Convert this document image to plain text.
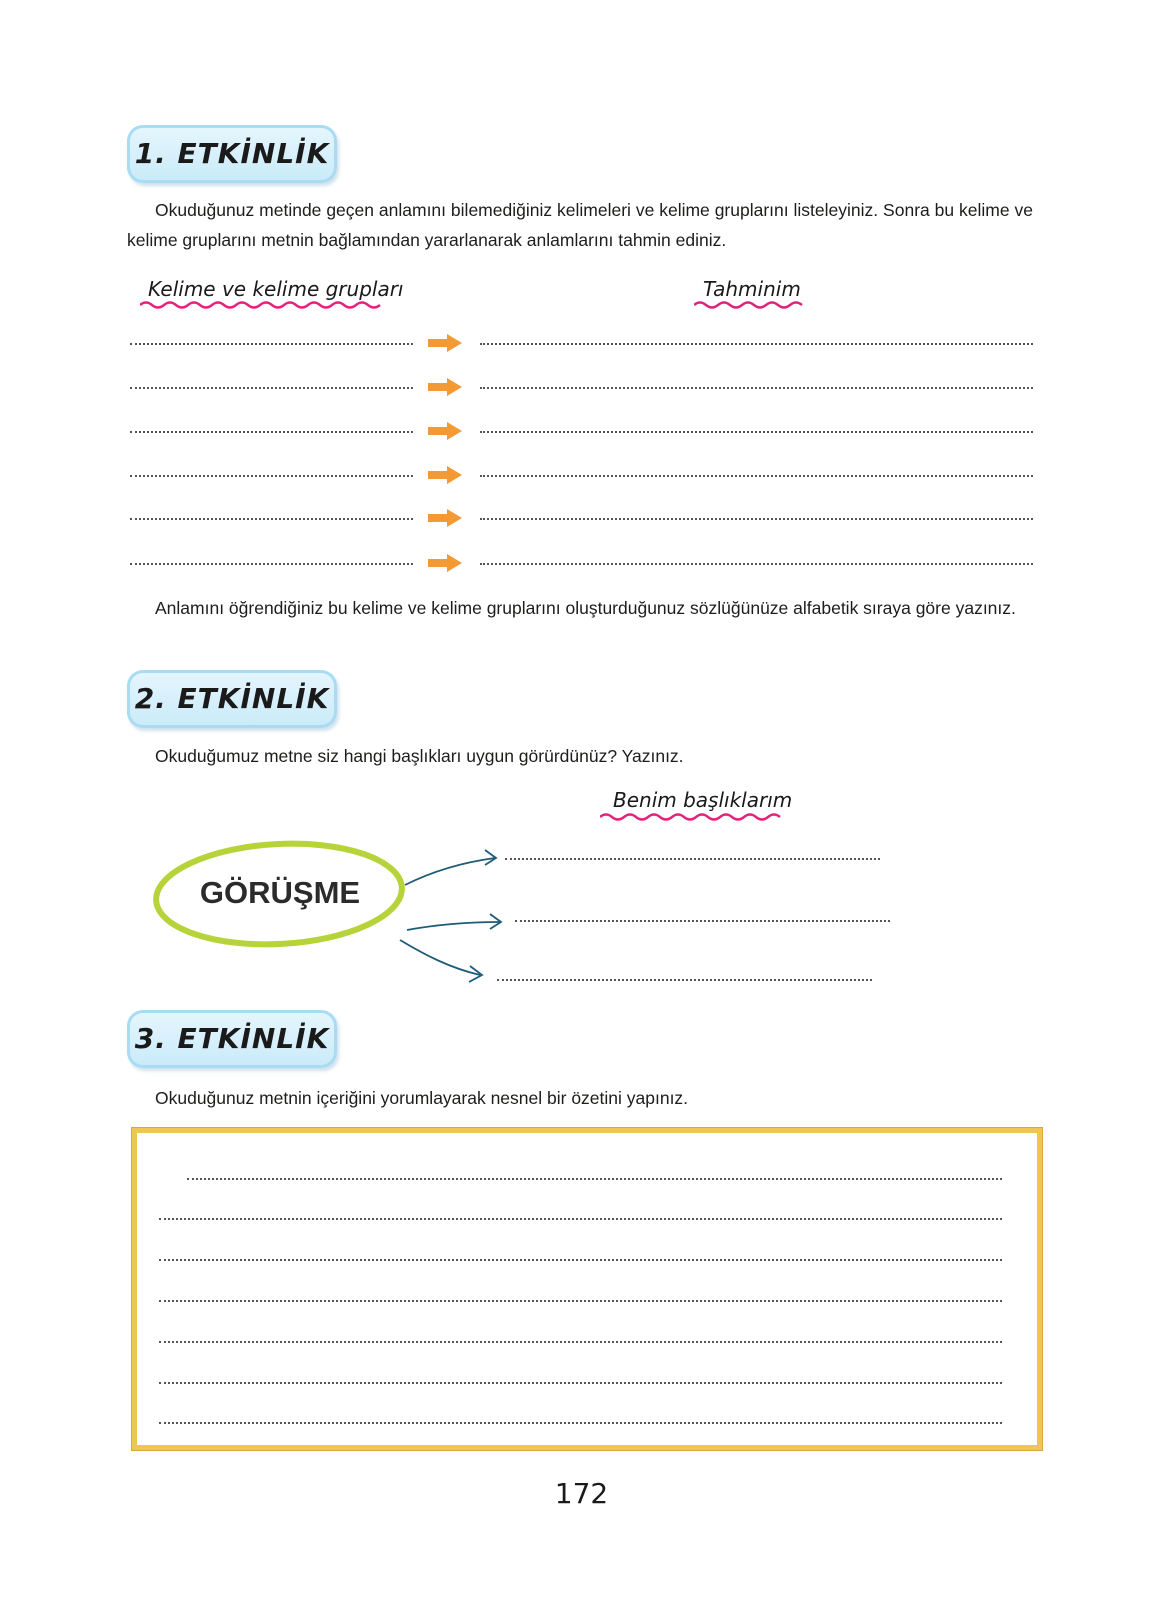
1. ETKİNLİK

Okuduğunuz metinde geçen anlamını bilemediğiniz kelimeleri ve kelime gruplarını listeleyiniz. Sonra bu kelime ve kelime gruplarını metnin bağlamından yararlanarak anlamlarını tahmin ediniz.

Kelime ve kelime grupları	Tahminim

Anlamını öğrendiğiniz bu kelime ve kelime gruplarını oluşturduğunuz sözlüğünüze alfabetik sıraya göre yazınız.

2. ETKİNLİK

Okuduğumuz metne siz hangi başlıkları uygun görürdünüz? Yazınız.

Benim başlıklarım
GÖRÜŞME
3. ETKİNLİK

Okuduğunuz metnin içeriğini yorumlayarak nesnel bir özetini yapınız.

172
